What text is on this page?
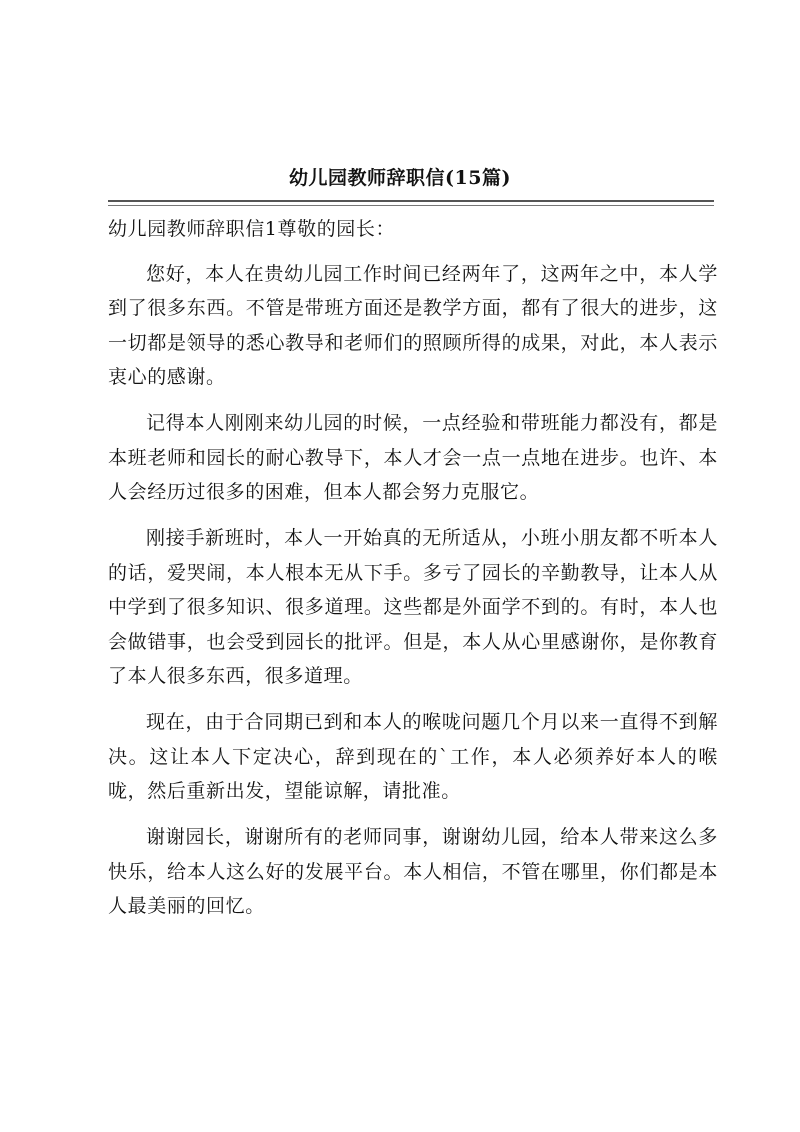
幼儿园教师辞职信(15篇)

幼儿园教师辞职信1尊敬的园长：

您好，本人在贵幼儿园工作时间已经两年了，这两年之中，本人学到了很多东西。不管是带班方面还是教学方面，都有了很大的进步，这一切都是领导的悉心教导和老师们的照顾所得的成果，对此，本人表示衷心的感谢。

记得本人刚刚来幼儿园的时候，一点经验和带班能力都没有，都是本班老师和园长的耐心教导下，本人才会一点一点地在进步。也许、本人会经历过很多的困难，但本人都会努力克服它。

刚接手新班时，本人一开始真的无所适从，小班小朋友都不听本人的话，爱哭闹，本人根本无从下手。多亏了园长的辛勤教导，让本人从中学到了很多知识、很多道理。这些都是外面学不到的。有时，本人也会做错事，也会受到园长的批评。但是，本人从心里感谢你，是你教育了本人很多东西，很多道理。

现在，由于合同期已到和本人的喉咙问题几个月以来一直得不到解决。这让本人下定决心，辞到现在的`工作，本人必须养好本人的喉咙，然后重新出发，望能谅解，请批准。

谢谢园长，谢谢所有的老师同事，谢谢幼儿园，给本人带来这么多快乐，给本人这么好的发展平台。本人相信，不管在哪里，你们都是本人最美丽的回忆。
